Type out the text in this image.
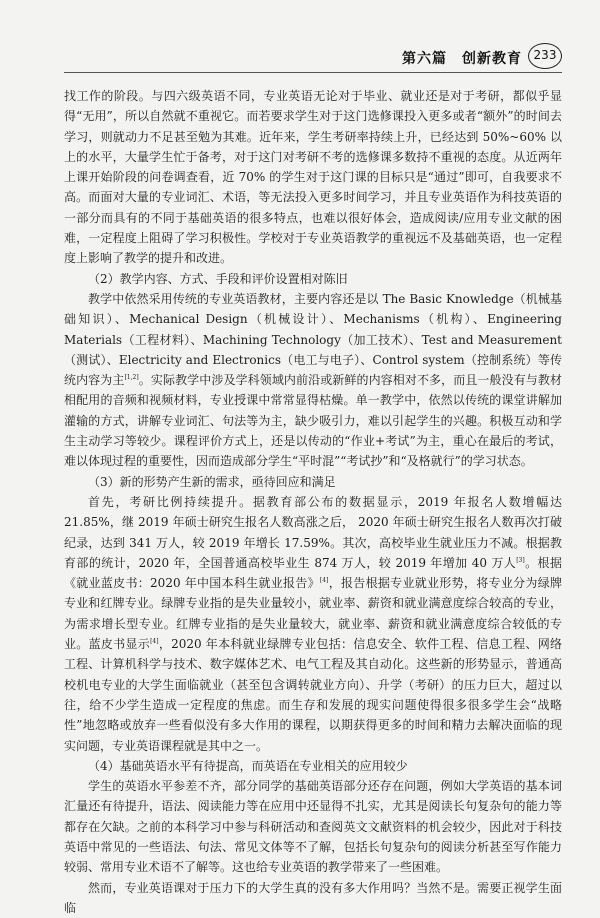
第六篇　创新教育 233

找工作的阶段。与四六级英语不同，专业英语无论对于毕业、就业还是对于考研，都似乎显得“无用”，所以自然就不重视它。而若要求学生对于这门选修课投入更多或者“额外”的时间去学习，则就动力不足甚至勉为其难。近年来，学生考研率持续上升，已经达到 50%~60% 以上的水平，大量学生忙于备考，对于这门对考研不考的选修课多数持不重视的态度。从近两年上课开始阶段的问卷调查看，近 70% 的学生对于这门课的目标只是“通过”即可，自我要求不高。而面对大量的专业词汇、术语，等无法投入更多时间学习，并且专业英语作为科技英语的一部分而具有的不同于基础英语的很多特点，也难以很好体会，造成阅读/应用专业文献的困难，一定程度上阻碍了学习积极性。学校对于专业英语教学的重视远不及基础英语，也一定程度上影响了教学的提升和改进。

（2）教学内容、方式、手段和评价设置相对陈旧

教学中依然采用传统的专业英语教材，主要内容还是以 The Basic Knowledge（机械基础知识）、Mechanical Design（机械设计）、Mechanisms（机构）、Engineering Materials（工程材料）、Machining Technology（加工技术）、Test and Measurement（测试）、Electricity and Electronics（电工与电子）、Control system（控制系统）等传统内容为主[1,2]。实际教学中涉及学科领域内前沿或新鲜的内容相对不多，而且一般没有与教材相配用的音频和视频材料，专业授课中常常显得枯燥。单一教学中，依然以传统的课堂讲解加灌输的方式，讲解专业词汇、句法等为主，缺少吸引力，难以引起学生的兴趣。积极互动和学生主动学习等较少。课程评价方式上，还是以传动的“作业+考试”为主，重心在最后的考试，难以体现过程的重要性，因而造成部分学生“平时混”“考试抄”和“及格就行”的学习状态。

（3）新的形势产生新的需求，亟待回应和满足

首先，考研比例持续提升。据教育部公布的数据显示，2019 年报名人数增幅达 21.85%，继 2019 年硕士研究生报名人数高涨之后， 2020 年硕士研究生报名人数再次打破纪录，达到 341 万人，较 2019 年增长 17.59%。其次，高校毕业生就业压力不减。根据教育部的统计，2020 年，全国普通高校毕业生 874 万人，较 2019 年增加 40 万人[3]。根据《就业蓝皮书：2020 年中国本科生就业报告》[4]，报告根据专业就业形势，将专业分为绿牌专业和红牌专业。绿牌专业指的是失业量较小，就业率、薪资和就业满意度综合较高的专业，为需求增长型专业。红牌专业指的是失业量较大，就业率、薪资和就业满意度综合较低的专业。蓝皮书显示[4]，2020 年本科就业绿牌专业包括：信息安全、软件工程、信息工程、网络工程、计算机科学与技术、数字媒体艺术、电气工程及其自动化。这些新的形势显示，普通高校机电专业的大学生面临就业（甚至包含调转就业方向）、升学（考研）的压力巨大，超过以往，给不少学生造成一定程度的焦虑。而生存和发展的现实问题使得很多很多学生会“战略性”地忽略或放弃一些看似没有多大作用的课程，以期获得更多的时间和精力去解决面临的现实问题，专业英语课程就是其中之一。

（4）基础英语水平有待提高，而英语在专业相关的应用较少

学生的英语水平参差不齐，部分同学的基础英语部分还存在问题，例如大学英语的基本词汇量还有待提升，语法、阅读能力等在应用中还显得不扎实，尤其是阅读长句复杂句的能力等都存在欠缺。之前的本科学习中参与科研活动和查阅英文文献资料的机会较少，因此对于科技英语中常见的一些语法、句法、常见文体等不了解，包括长句复杂句的阅读分析甚至写作能力较弱、常用专业术语不了解等。这也给专业英语的教学带来了一些困难。

然而，专业英语课对于压力下的大学生真的没有多大作用吗？当然不是。需要正视学生面临
